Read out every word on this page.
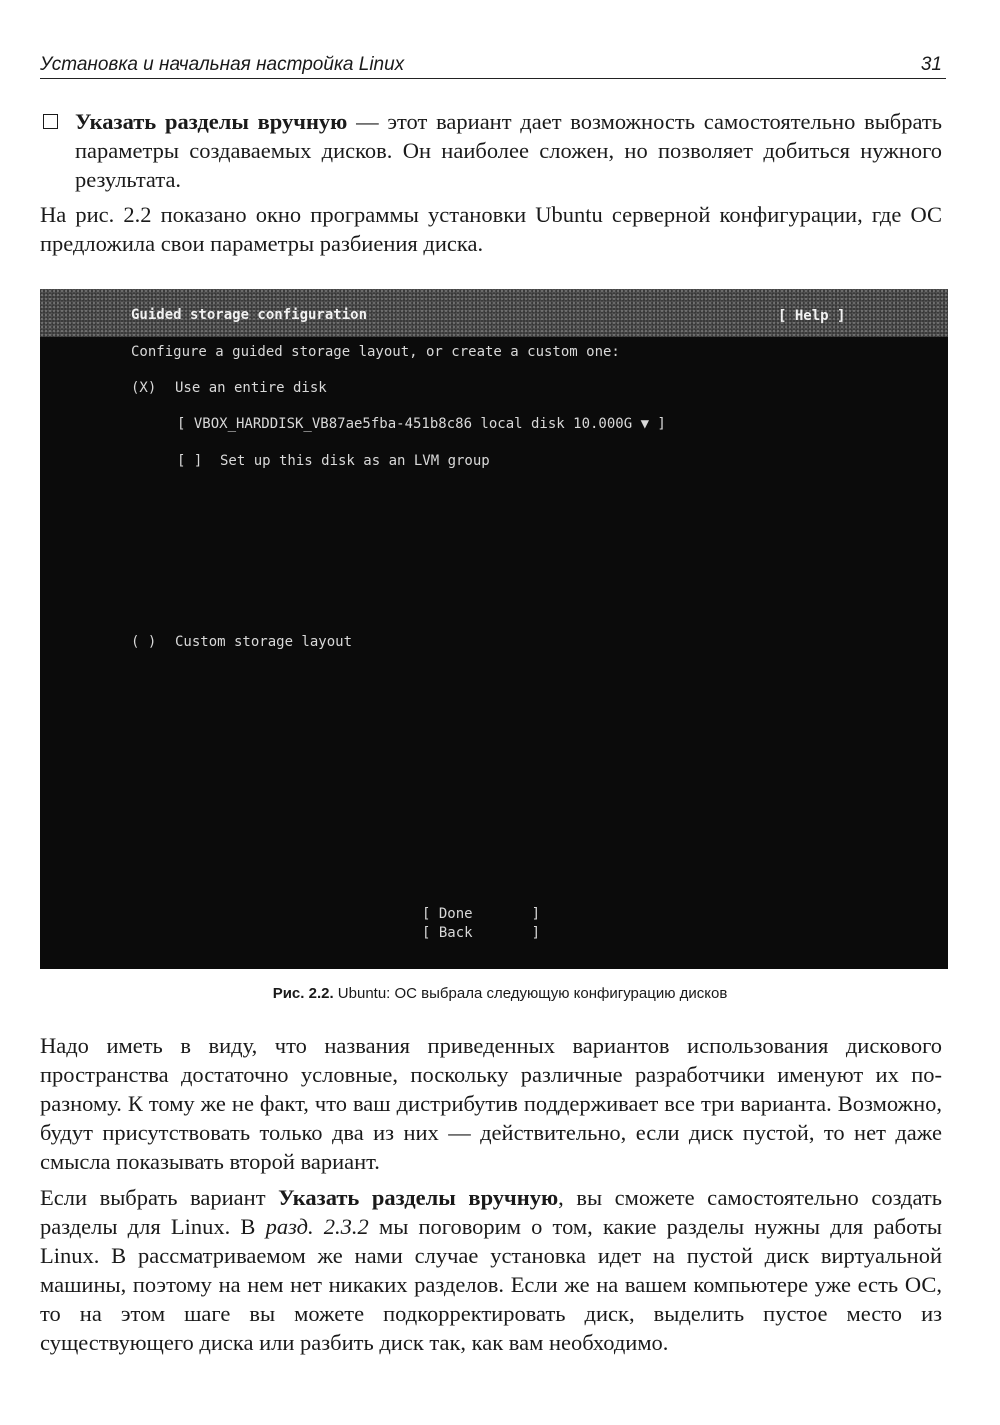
Установка и начальная настройка Linux	31

Указать разделы вручную — этот вариант дает возможность самостоятельно выбрать параметры создаваемых дисков. Он наиболее сложен, но позволяет добиться нужного результата.

На рис. 2.2 показано окно программы установки Ubuntu серверной конфигурации, где ОС предложила свои параметры разбиения диска.

Guided storage configuration	[ Help ]
Configure a guided storage layout, or create a custom one:
(X) Use an entire disk
[ VBOX_HARDDISK_VB87ae5fba-451b8c86 local disk 10.000G ▼ ]
[ ] Set up this disk as an LVM group
( ) Custom storage layout
[ Done       ]
[ Back       ]
Рис. 2.2. Ubuntu: ОС выбрала следующую конфигурацию дисков

Надо иметь в виду, что названия приведенных вариантов использования дискового пространства достаточно условные, поскольку различные разработчики именуют их по-разному. К тому же не факт, что ваш дистрибутив поддерживает все три варианта. Возможно, будут присутствовать только два из них — действительно, если диск пустой, то нет даже смысла показывать второй вариант.

Если выбрать вариант Указать разделы вручную, вы сможете самостоятельно создать разделы для Linux. В разд. 2.3.2 мы поговорим о том, какие разделы нужны для работы Linux. В рассматриваемом же нами случае установка идет на пустой диск виртуальной машины, поэтому на нем нет никаких разделов. Если же на вашем компьютере уже есть ОС, то на этом шаге вы можете подкорректировать диск, выделить пустое место из существующего диска или разбить диск так, как вам необходимо.
